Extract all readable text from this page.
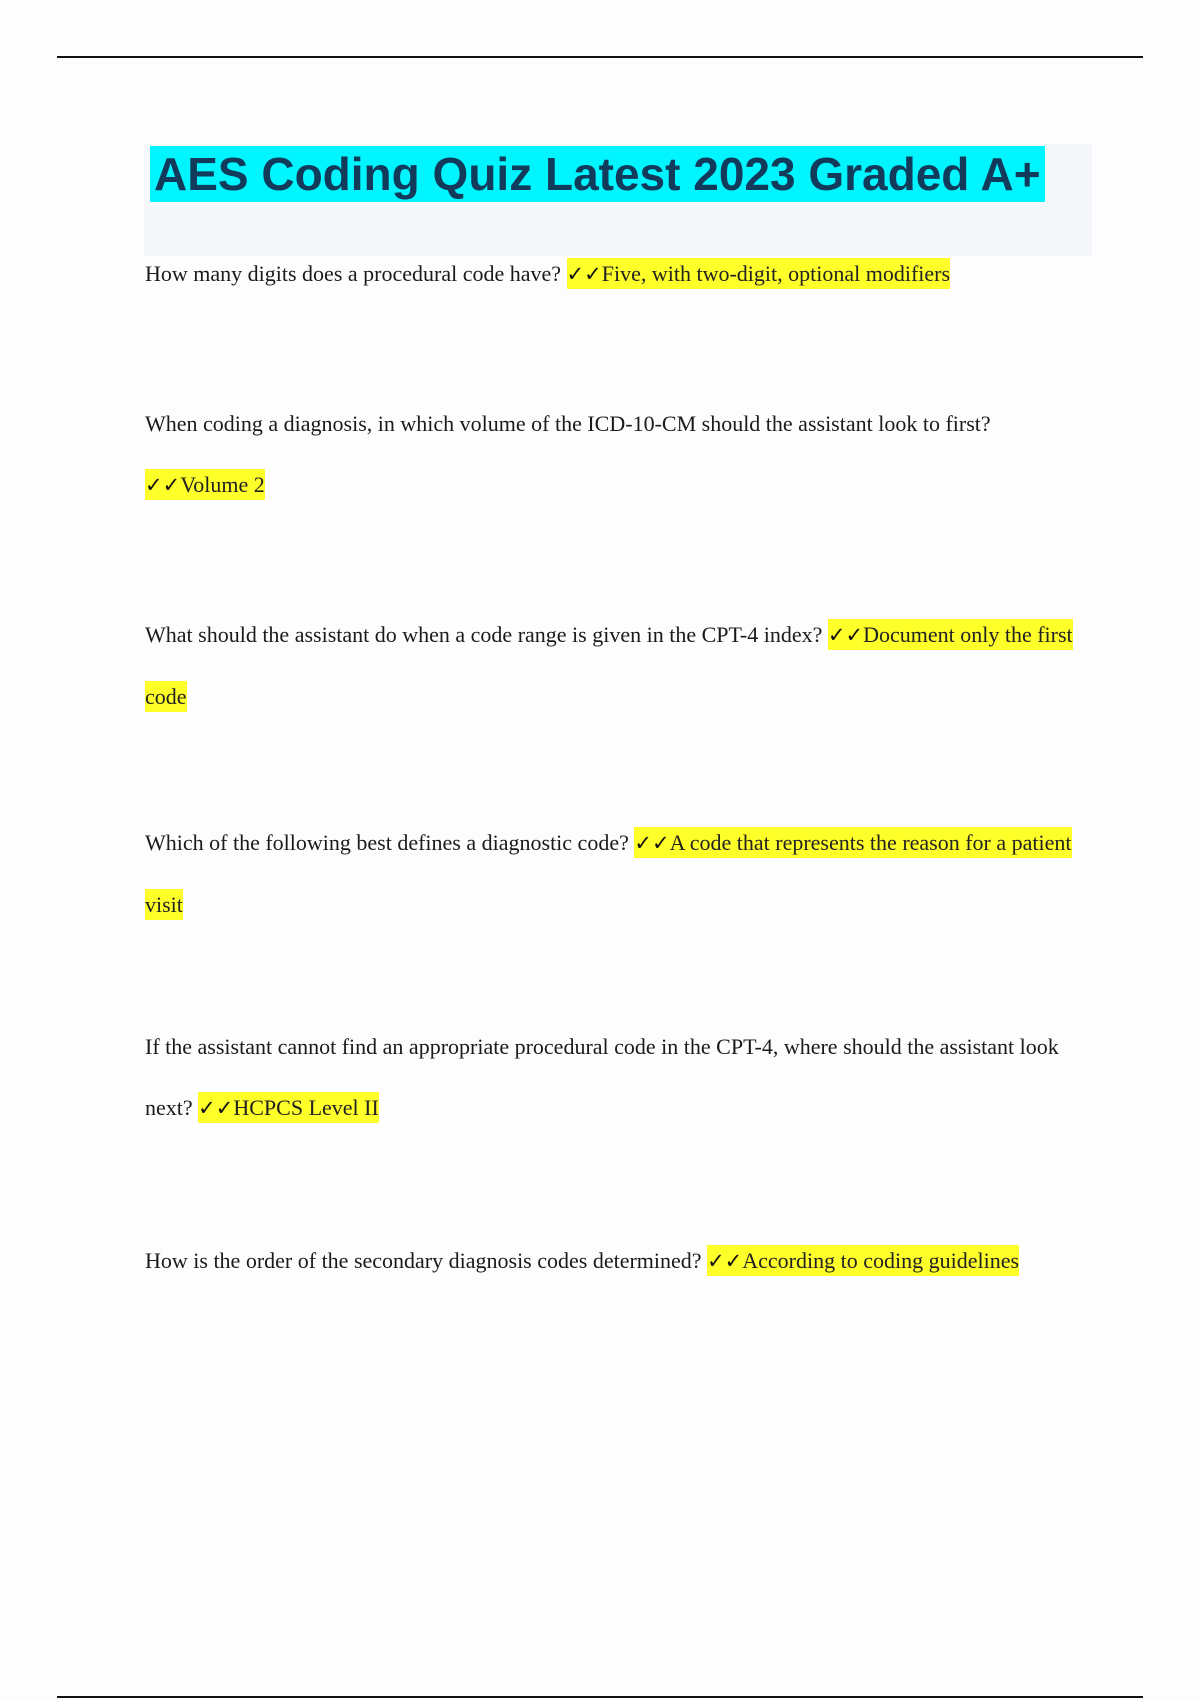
AES Coding Quiz Latest 2023 Graded A+

How many digits does a procedural code have? ✓✓Five, with two-digit, optional modifiers

When coding a diagnosis, in which volume of the ICD-10-CM should the assistant look to first? ✓✓Volume 2

What should the assistant do when a code range is given in the CPT-4 index? ✓✓Document only the first code

Which of the following best defines a diagnostic code? ✓✓A code that represents the reason for a patient visit

If the assistant cannot find an appropriate procedural code in the CPT-4, where should the assistant look next? ✓✓HCPCS Level II

How is the order of the secondary diagnosis codes determined? ✓✓According to coding guidelines
